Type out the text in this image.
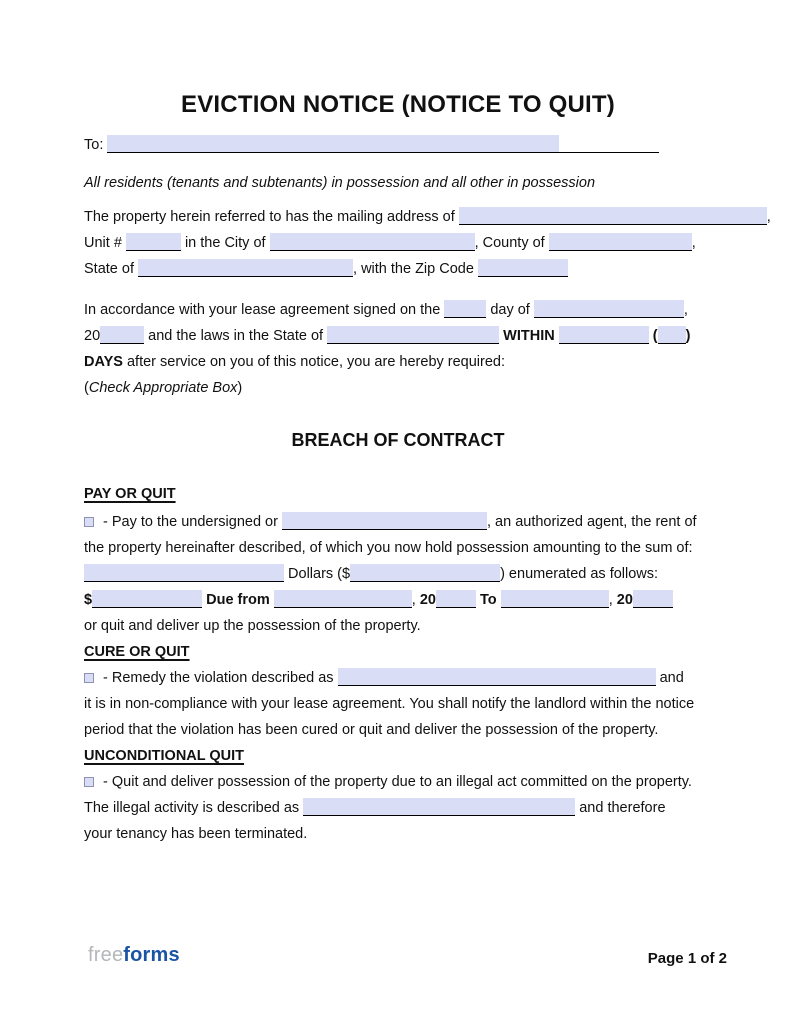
EVICTION NOTICE (NOTICE TO QUIT)
To:
All residents (tenants and subtenants) in possession and all other in possession
The property herein referred to has the mailing address of	,
Unit #	in the City of	, County of	,
State of	, with the Zip Code
In accordance with your lease agreement signed on the	day of	,
20	and the laws in the State of	WITHIN	( )
DAYS after service on you of this notice, you are hereby required:
(Check Appropriate Box)
BREACH OF CONTRACT
PAY OR QUIT
- Pay to the undersigned or	, an authorized agent, the rent of
the property hereinafter described, of which you now hold possession amounting to the sum of:
Dollars ($	) enumerated as follows:
$	Due from	, 20	To	, 20
or quit and deliver up the possession of the property.
CURE OR QUIT
- Remedy the violation described as	and
it is in non-compliance with your lease agreement. You shall notify the landlord within the notice
period that the violation has been cured or quit and deliver the possession of the property.
UNCONDITIONAL QUIT
- Quit and deliver possession of the property due to an illegal act committed on the property.
The illegal activity is described as	and therefore
your tenancy has been terminated.
freeforms	Page 1 of 2
